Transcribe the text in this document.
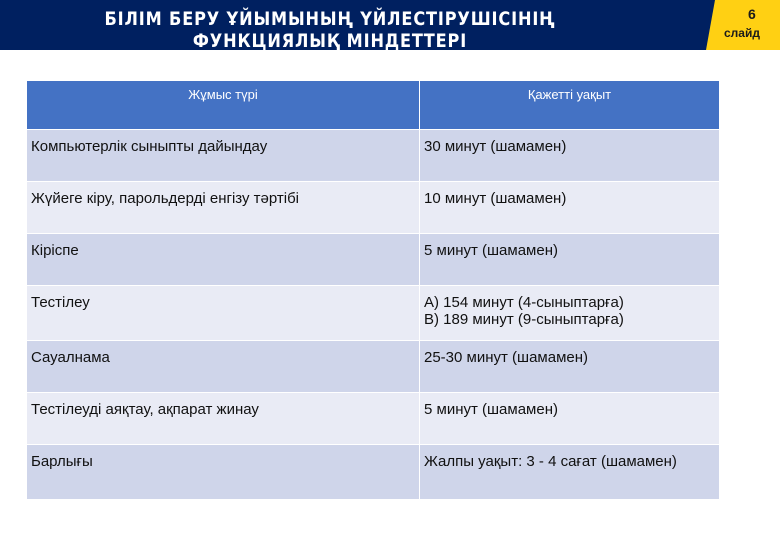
БІЛІМ БЕРУ ҰЙЫМЫНЫҢ ҮЙЛЕСТІРУШІСІНІҢ ФУНКЦИЯЛЫҚ МІНДЕТТЕРІ
6
слайд
Жұмыс түрі	Қажетті уақыт
Компьютерлік сыныпты дайындау	30 минут (шамамен)
Жүйеге кіру, парольдерді енгізу тәртібі	10 минут (шамамен)
Кіріспе	5 минут (шамамен)
Тестілеу	А) 154 минут (4-сыныптарға)
В) 189 минут (9-сыныптарға)
Сауалнама	25-30 минут (шамамен)
Тестілеуді аяқтау, ақпарат жинау	5 минут (шамамен)
Барлығы	Жалпы уақыт: 3 - 4 сағат (шамамен)
